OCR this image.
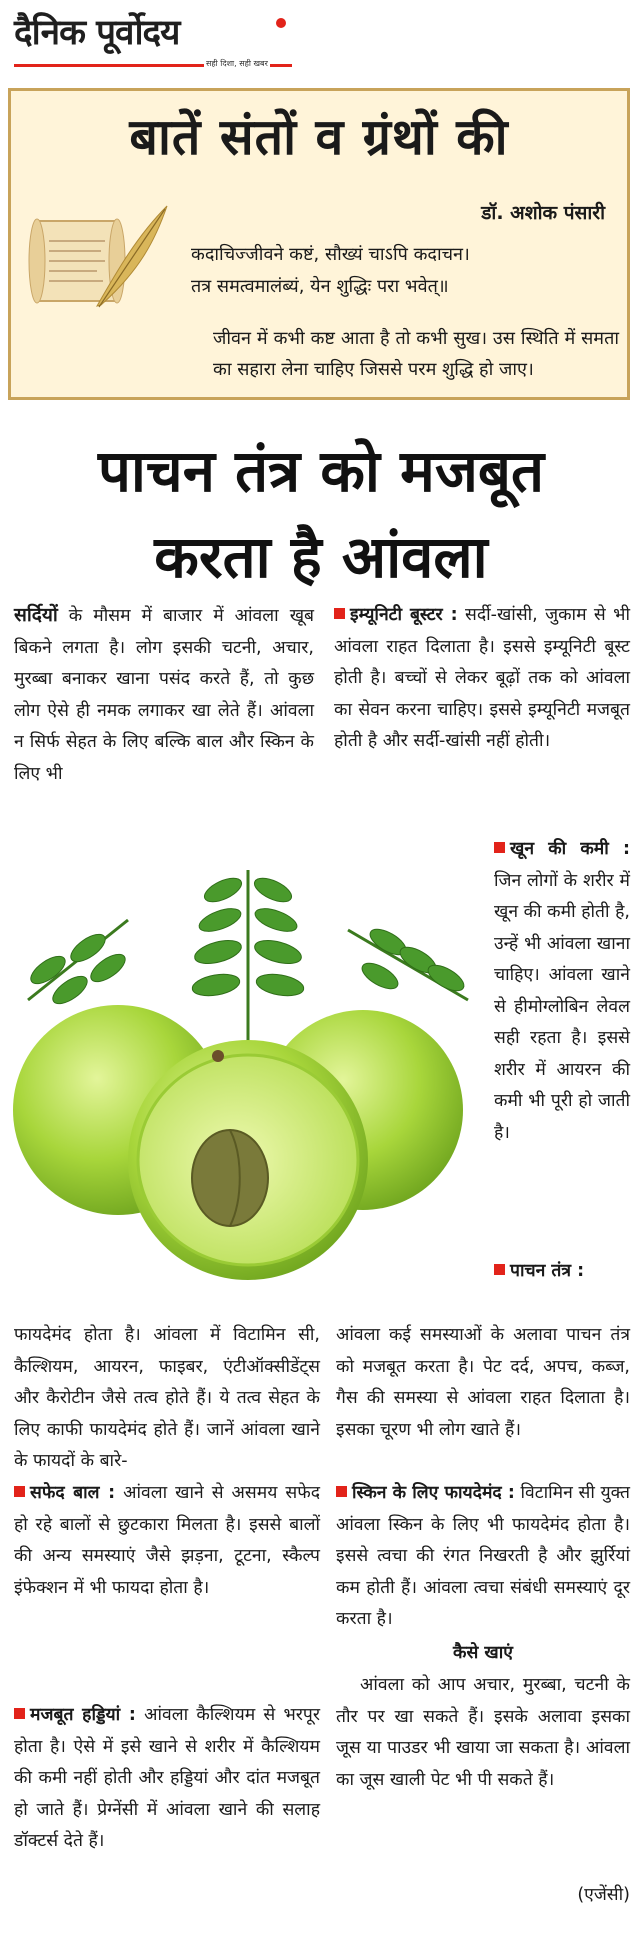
दैनिक पूर्वोदय
सही दिशा, सही खबर
बातें संतों व ग्रंथों की
डॉ. अशोक पंसारी
कदाचिज्जीवने कष्टं, सौख्यं चाऽपि कदाचन।
तत्र समत्वमालंब्यं, येन शुद्धिः परा भवेत्॥
जीवन में कभी कष्ट आता है तो कभी सुख। उस स्थिति में समता का सहारा लेना चाहिए जिससे परम शुद्धि हो जाए।
पाचन तंत्र को मजबूत
करता है आंवला
सर्दियों के मौसम में बाजार में आंवला खूब बिकने लगता है। लोग इसकी चटनी, अचार, मुरब्बा बनाकर खाना पसंद करते हैं, तो कुछ लोग ऐसे ही नमक लगाकर खा लेते हैं। आंवला न सिर्फ सेहत के लिए बल्कि बाल और स्किन के लिए भी
इम्यूनिटी बूस्टर : सर्दी-खांसी, जुकाम से भी आंवला राहत दिलाता है। इससे इम्यूनिटी बूस्ट होती है। बच्चों से लेकर बूढ़ों तक को आंवला का सेवन करना चाहिए। इससे इम्यूनिटी मजबूत होती है और सर्दी-खांसी नहीं होती।
खून की कमी : जिन लोगों के शरीर में खून की कमी होती है, उन्हें भी आंवला खाना चाहिए। आंवला खाने से हीमोग्लोबिन लेवल सही रहता है। इससे शरीर में आयरन की कमी भी पूरी हो जाती है।
पाचन तंत्र :
आंवला कई समस्याओं के अलावा पाचन तंत्र को मजबूत करता है। पेट दर्द, अपच, कब्ज, गैस की समस्या से आंवला राहत दिलाता है। इसका चूरण भी लोग खाते हैं।
स्किन के लिए फायदेमंद : विटामिन सी युक्त आंवला स्किन के लिए भी फायदेमंद होता है। इससे त्वचा की रंगत निखरती है और झुर्रियां कम होती हैं। आंवला त्वचा संबंधी समस्याएं दूर करता है।
कैसे खाएं
आंवला को आप अचार, मुरब्बा, चटनी के तौर पर खा सकते हैं। इसके अलावा इसका जूस या पाउडर भी खाया जा सकता है। आंवला का जूस खाली पेट भी पी सकते हैं।
(एजेंसी)
फायदेमंद होता है। आंवला में विटामिन सी, कैल्शियम, आयरन, फाइबर, एंटीऑक्सीडेंट्स और कैरोटीन जैसे तत्व होते हैं। ये तत्व सेहत के लिए काफी फायदेमंद होते हैं। जानें आंवला खाने के फायदों के बारे-
सफेद बाल : आंवला खाने से असमय सफेद हो रहे बालों से छुटकारा मिलता है। इससे बालों की अन्य समस्याएं जैसे झड़ना, टूटना, स्कैल्प इंफेक्शन में भी फायदा होता है।
मजबूत हड्डियां : आंवला कैल्शियम से भरपूर होता है। ऐसे में इसे खाने से शरीर में कैल्शियम की कमी नहीं होती और हड्डियां और दांत मजबूत हो जाते हैं। प्रेग्नेंसी में आंवला खाने की सलाह डॉक्टर्स देते हैं।
